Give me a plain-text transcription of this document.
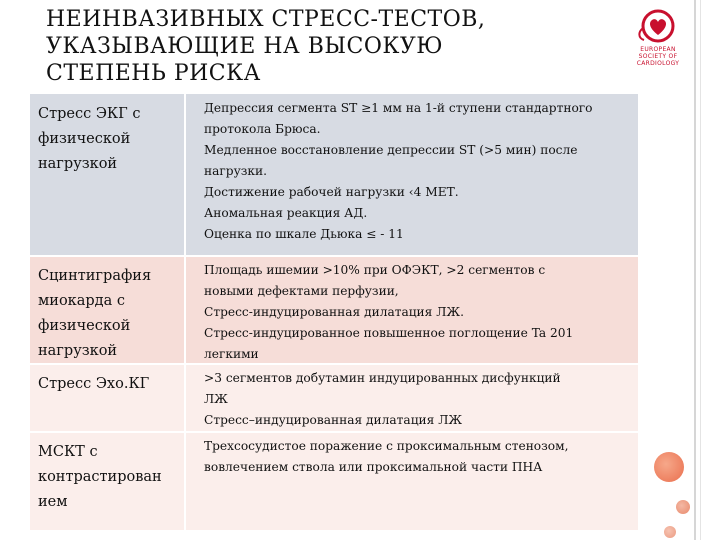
НЕИНВАЗИВНЫХ СТРЕСС-ТЕСТОВ,
УКАЗЫВАЮЩИЕ НА ВЫСОКУЮ
СТЕПЕНЬ РИСКА
EUROPEAN
SOCIETY OF
CARDIOLOGY
Стресс ЭКГ с
физической
нагрузкой
Депрессия сегмента ST ≥1 мм на 1-й ступени стандартного
протокола Брюса.
Медленное восстановление депрессии ST (>5 мин) после
нагрузки.
Достижение рабочей нагрузки ‹4 МЕТ.
Аномальная реакция АД.
Оценка по шкале Дьюка ≤ - 11
Сцинтиграфия
миокарда с
физической
нагрузкой
Площадь ишемии >10% при ОФЭКТ, >2 сегментов с
новыми дефектами перфузии,
Стресс-индуцированная дилатация ЛЖ.
Стресс-индуцированное повышенное поглощение Ta 201
легкими
Стресс Эхо.КГ	>3 сегментов добутамин индуцированных дисфункций
ЛЖ
Стресс–индуцированная дилатация ЛЖ
МСКТ с
контрастирован
ием
Трехсосудистое поражение с проксимальным стенозом,
вовлечением ствола или проксимальной части ПНА
